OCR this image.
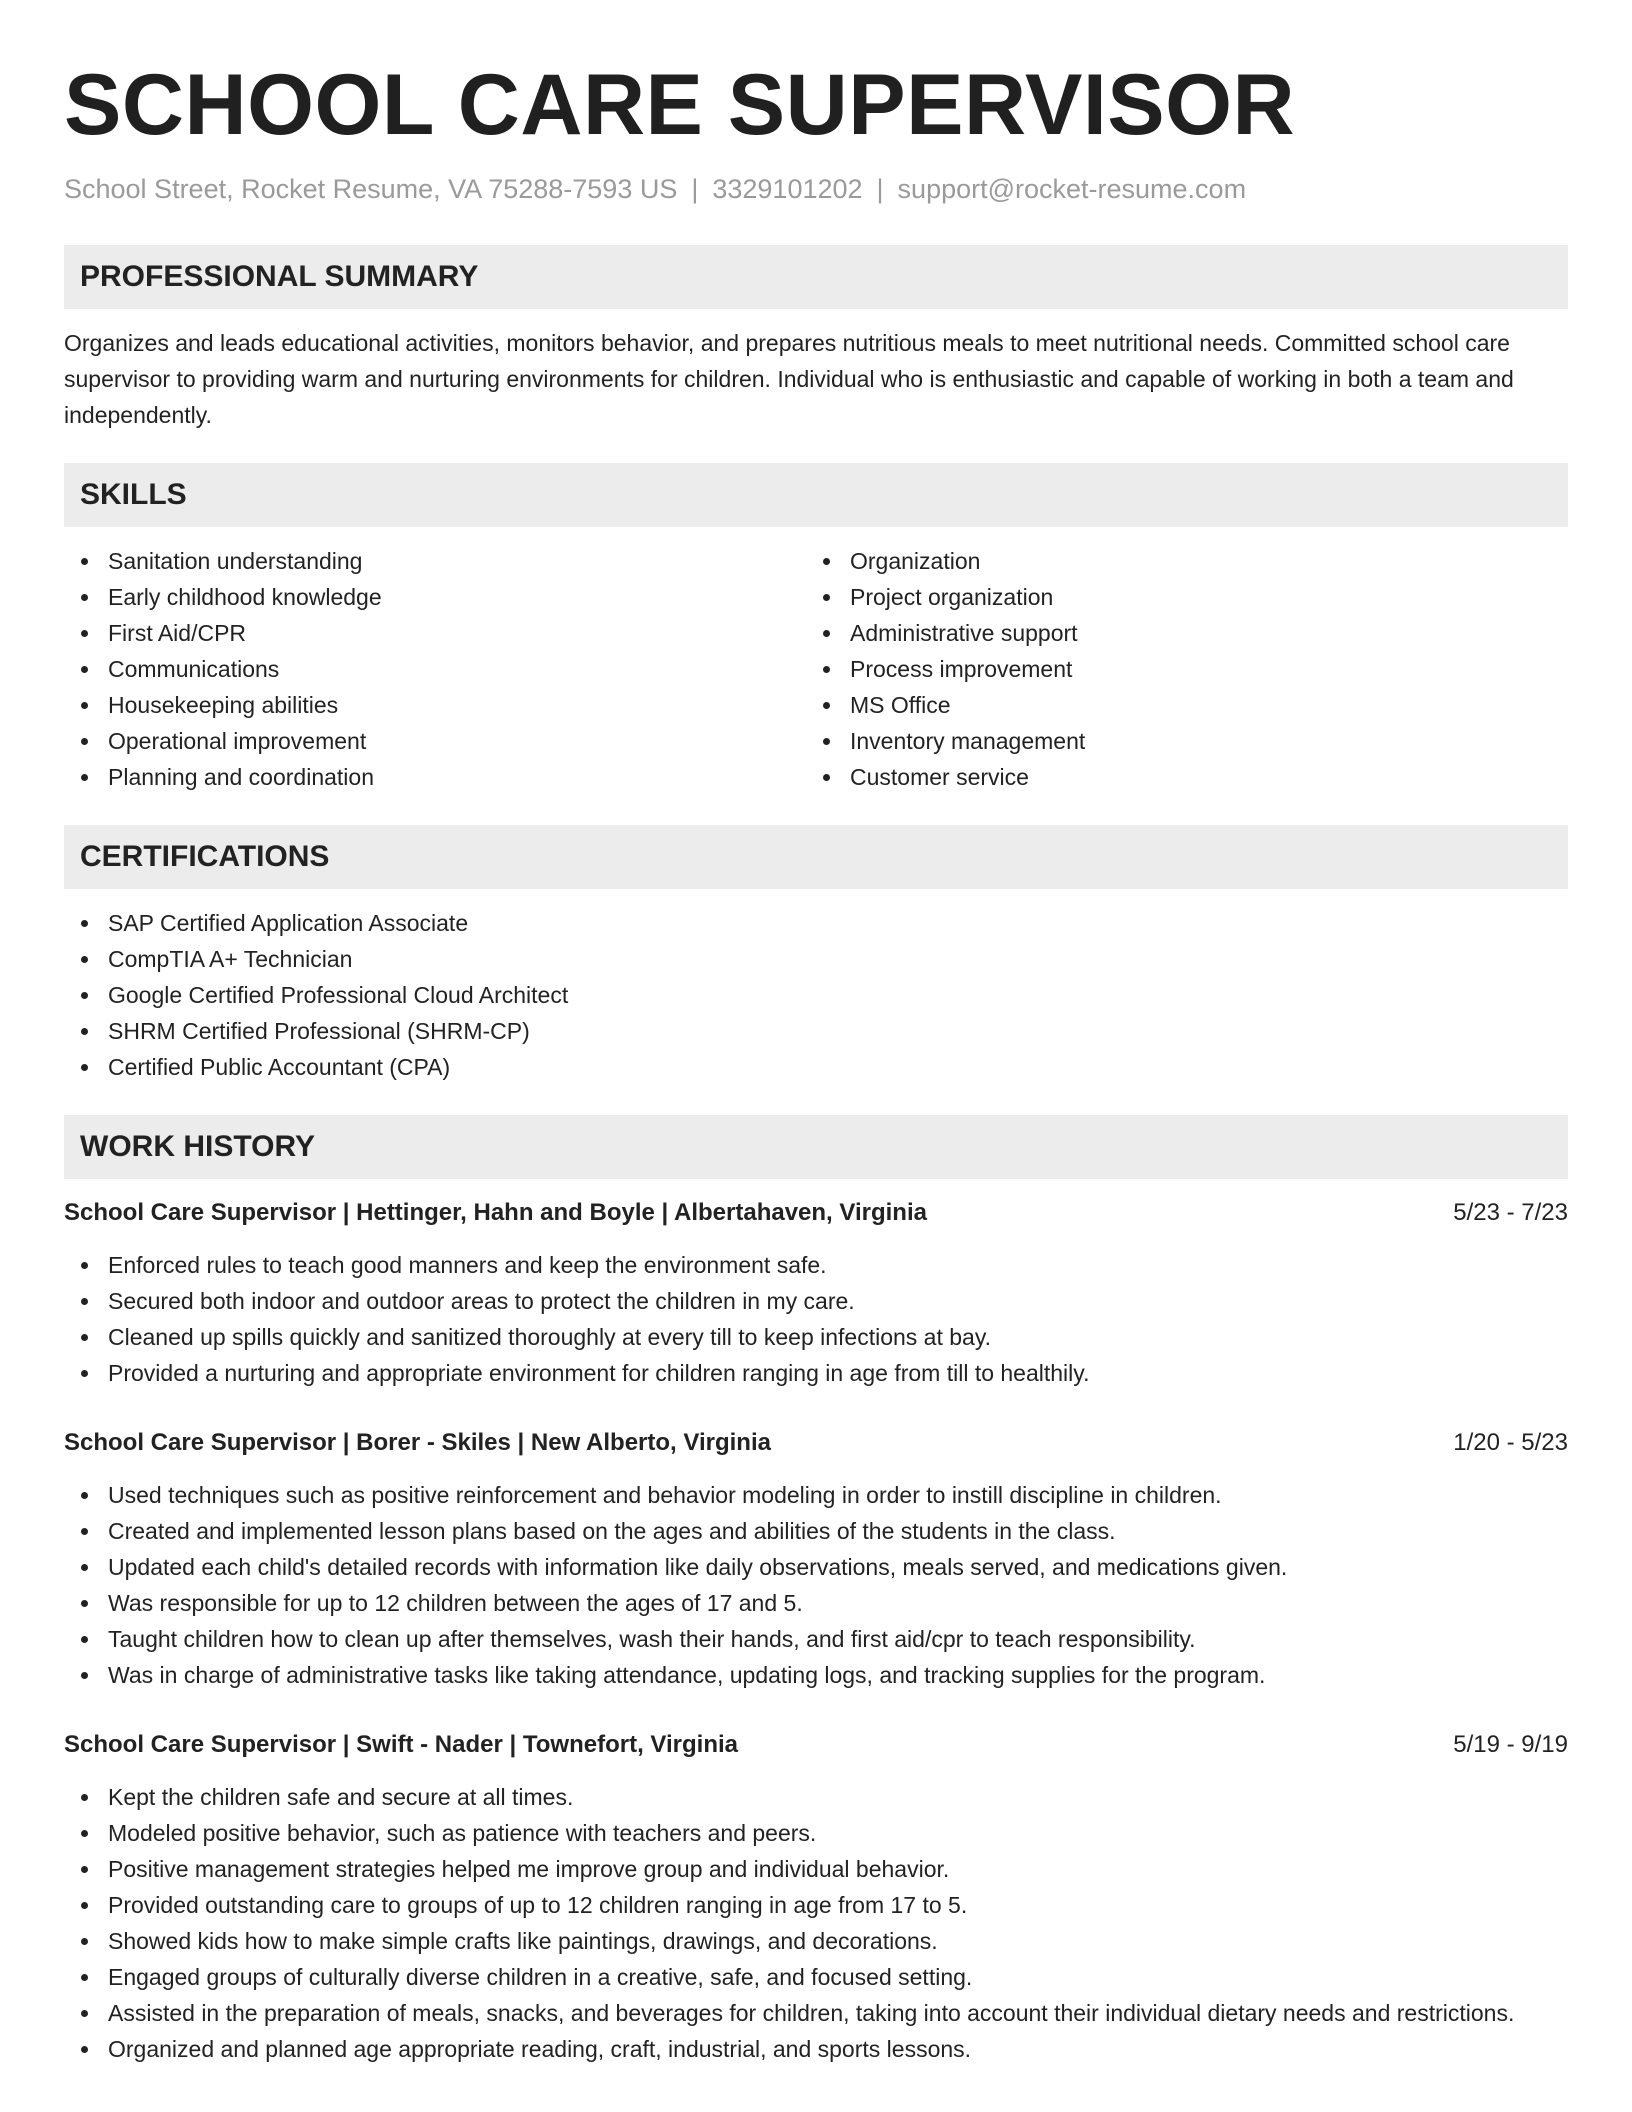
SCHOOL CARE SUPERVISOR
School Street, Rocket Resume, VA 75288-7593 US | 3329101202 | support@rocket-resume.com
PROFESSIONAL SUMMARY

Organizes and leads educational activities, monitors behavior, and prepares nutritious meals to meet nutritional needs. Committed school care supervisor to providing warm and nurturing environments for children. Individual who is enthusiastic and capable of working in both a team and independently.

SKILLS
Sanitation understanding
Early childhood knowledge
First Aid/CPR
Communications
Housekeeping abilities
Operational improvement
Planning and coordination
Organization
Project organization
Administrative support
Process improvement
MS Office
Inventory management
Customer service
CERTIFICATIONS
SAP Certified Application Associate
CompTIA A+ Technician
Google Certified Professional Cloud Architect
SHRM Certified Professional (SHRM-CP)
Certified Public Accountant (CPA)
WORK HISTORY
School Care Supervisor | Hettinger, Hahn and Boyle | Albertahaven, Virginia	5/23 - 7/23
Enforced rules to teach good manners and keep the environment safe.
Secured both indoor and outdoor areas to protect the children in my care.
Cleaned up spills quickly and sanitized thoroughly at every till to keep infections at bay.
Provided a nurturing and appropriate environment for children ranging in age from till to healthily.
School Care Supervisor | Borer - Skiles | New Alberto, Virginia	1/20 - 5/23
Used techniques such as positive reinforcement and behavior modeling in order to instill discipline in children.
Created and implemented lesson plans based on the ages and abilities of the students in the class.
Updated each child's detailed records with information like daily observations, meals served, and medications given.
Was responsible for up to 12 children between the ages of 17 and 5.
Taught children how to clean up after themselves, wash their hands, and first aid/cpr to teach responsibility.
Was in charge of administrative tasks like taking attendance, updating logs, and tracking supplies for the program.
School Care Supervisor | Swift - Nader | Townefort, Virginia	5/19 - 9/19
Kept the children safe and secure at all times.
Modeled positive behavior, such as patience with teachers and peers.
Positive management strategies helped me improve group and individual behavior.
Provided outstanding care to groups of up to 12 children ranging in age from 17 to 5.
Showed kids how to make simple crafts like paintings, drawings, and decorations.
Engaged groups of culturally diverse children in a creative, safe, and focused setting.
Assisted in the preparation of meals, snacks, and beverages for children, taking into account their individual dietary needs and restrictions.
Organized and planned age appropriate reading, craft, industrial, and sports lessons.
